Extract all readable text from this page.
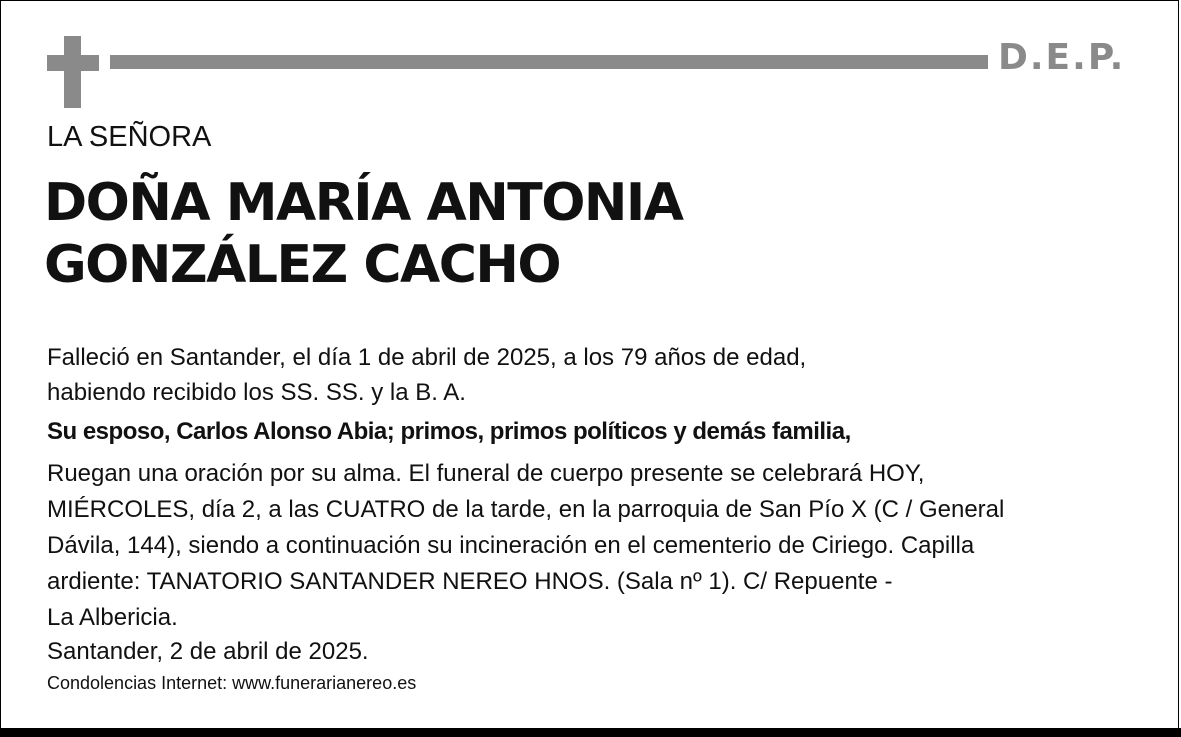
D.E.P.
LA SEÑORA
DOÑA MARÍA ANTONIA
GONZÁLEZ CACHO
Falleció en Santander, el día 1 de abril de 2025, a los 79 años de edad,
habiendo recibido los SS. SS. y la B. A.
Su esposo, Carlos Alonso Abia; primos, primos políticos y demás familia,
Ruegan una oración por su alma. El funeral de cuerpo presente se celebrará HOY,
MIÉRCOLES, día 2, a las CUATRO de la tarde, en la parroquia de San Pío X (C / General
Dávila, 144), siendo a continuación su incineración en el cementerio de Ciriego. Capilla
ardiente: TANATORIO SANTANDER NEREO HNOS. (Sala nº 1). C/ Repuente -
La Albericia.
Santander, 2 de abril de 2025.
Condolencias Internet: www.funerarianereo.es
